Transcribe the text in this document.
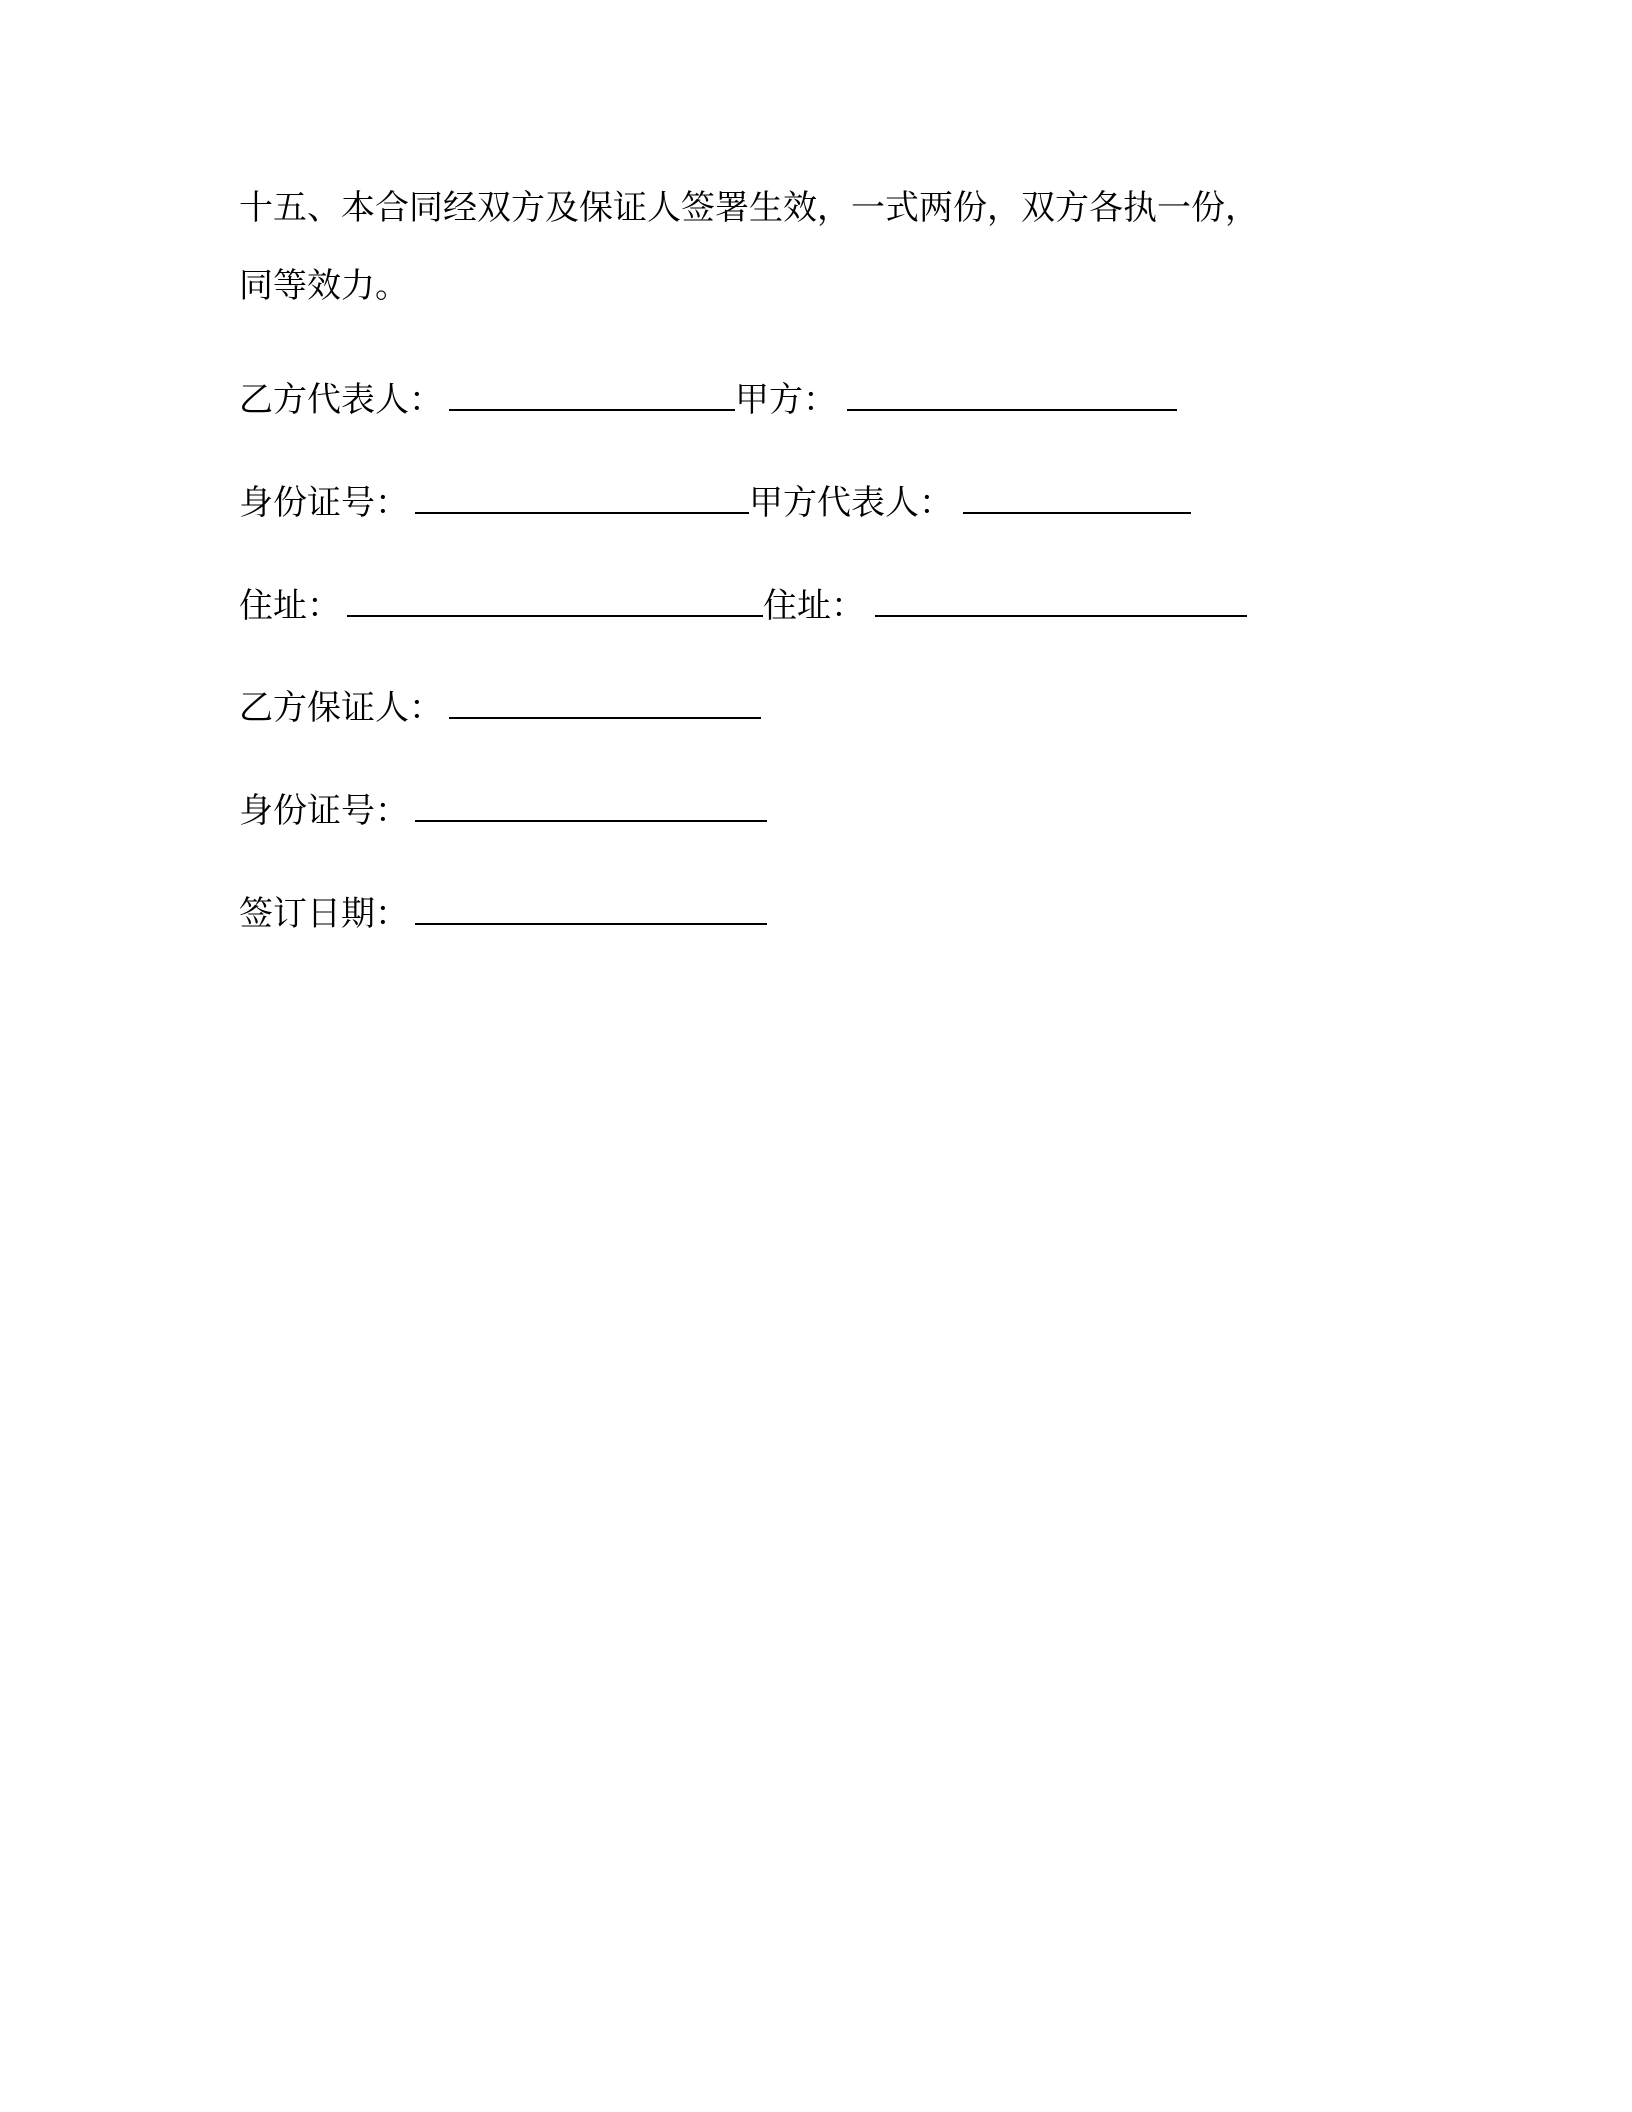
十五、本合同经双方及保证人签署生效，一式两份，双方各执一份，
同等效力。
乙方代表人：	甲方：
身份证号：	甲方代表人：
住址：	住址：
乙方保证人：
身份证号：
签订日期：
